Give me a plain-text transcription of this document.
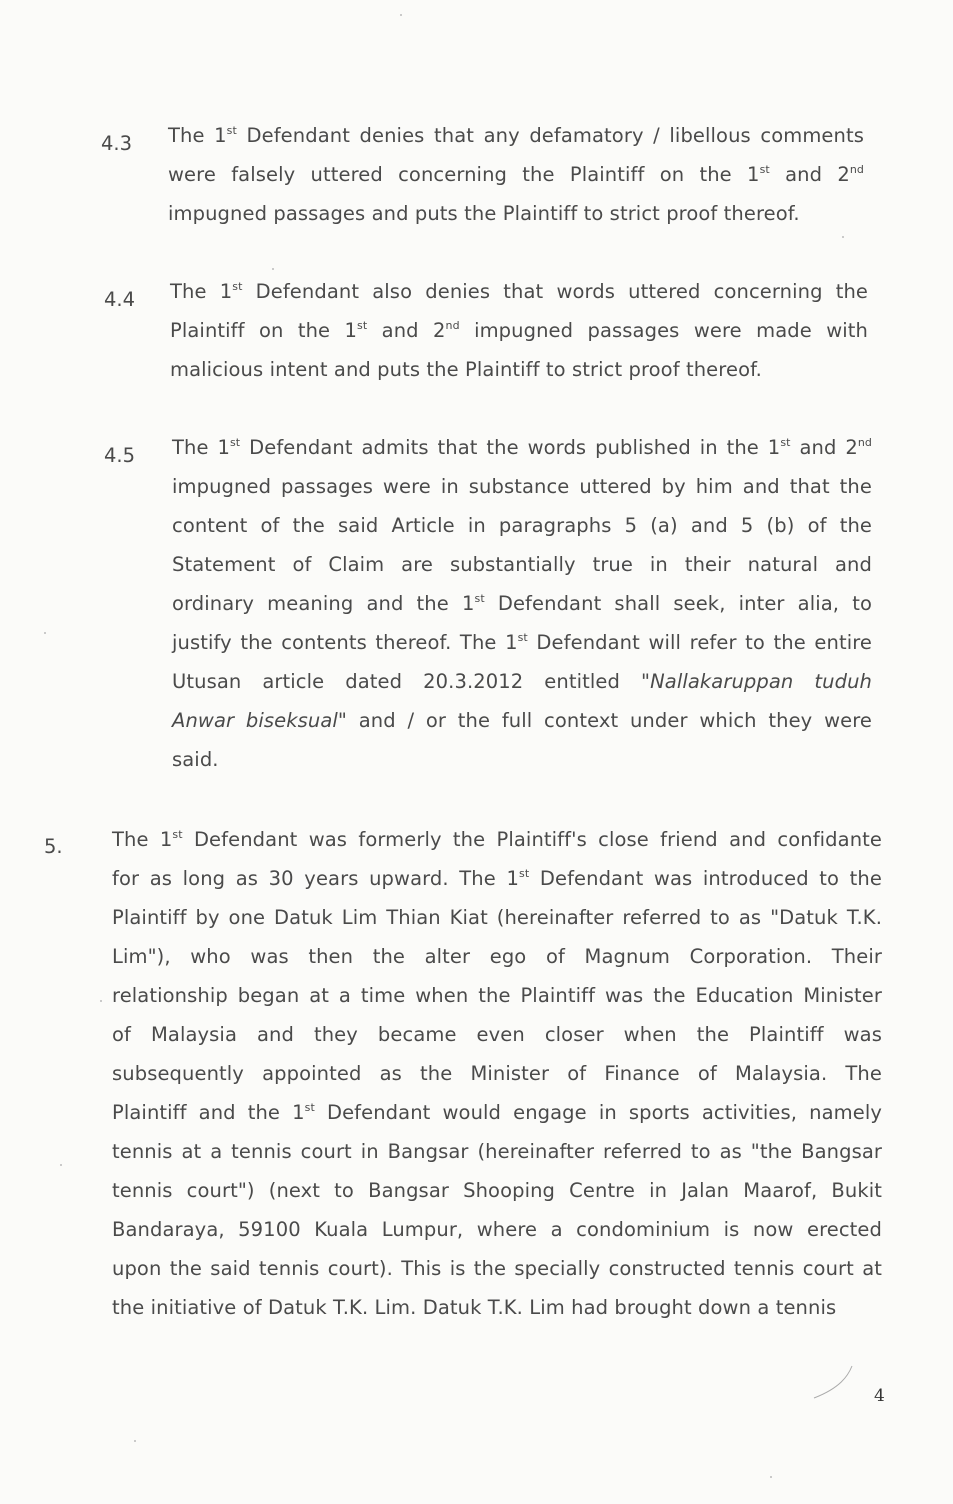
4.3 The 1st Defendant denies that any defamatory / libellous comments
were falsely uttered concerning the Plaintiff on the 1st and 2nd
impugned passages and puts the Plaintiff to strict proof thereof.
4.4 The 1st Defendant also denies that words uttered concerning the
Plaintiff on the 1st and 2nd impugned passages were made with
malicious intent and puts the Plaintiff to strict proof thereof.
4.5 The 1st Defendant admits that the words published in the 1st and 2nd
impugned passages were in substance uttered by him and that the
content of the said Article in paragraphs 5 (a) and 5 (b) of the
Statement of Claim are substantially true in their natural and
ordinary meaning and the 1st Defendant shall seek, inter alia, to
justify the contents thereof. The 1st Defendant will refer to the entire
Utusan article dated 20.3.2012 entitled "Nallakaruppan tuduh
Anwar biseksual" and / or the full context under which they were
said.
5.	The 1st Defendant was formerly the Plaintiff's close friend and confidante
for as long as 30 years upward. The 1st Defendant was introduced to the
Plaintiff by one Datuk Lim Thian Kiat (hereinafter referred to as "Datuk T.K.
Lim"), who was then the alter ego of Magnum Corporation. Their
relationship began at a time when the Plaintiff was the Education Minister
of Malaysia and they became even closer when the Plaintiff was
subsequently appointed as the Minister of Finance of Malaysia. The
Plaintiff and the 1st Defendant would engage in sports activities, namely
tennis at a tennis court in Bangsar (hereinafter referred to as "the Bangsar
tennis court") (next to Bangsar Shooping Centre in Jalan Maarof, Bukit
Bandaraya, 59100 Kuala Lumpur, where a condominium is now erected
upon the said tennis court). This is the specially constructed tennis court at
the initiative of Datuk T.K. Lim. Datuk T.K. Lim had brought down a tennis
4
